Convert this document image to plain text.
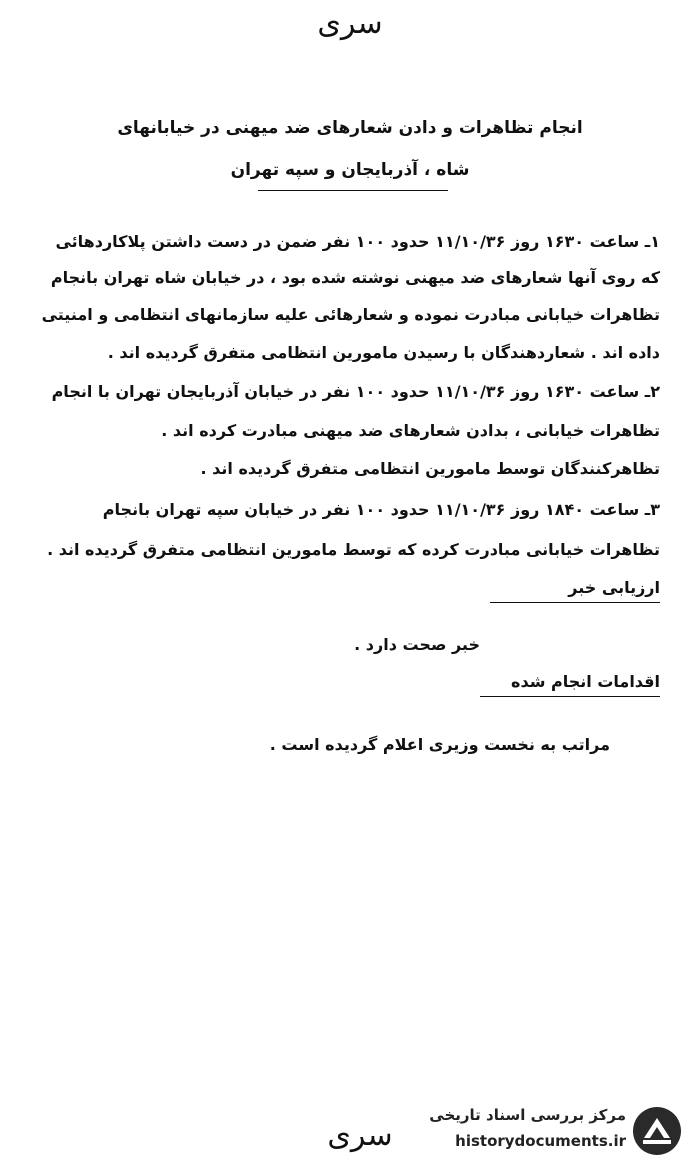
سری
انجام تظاهرات و دادن شعارهای ضد میهنی در خیابانهای
شاه ، آذربایجان و سپه تهران
۱ـ ساعت ۱۶۳۰ روز ۱۱/۱۰/۳۶ حدود ۱۰۰ نفر ضمن در دست داشتن پلاکاردهائی
که روی آنها شعارهای ضد میهنی نوشته شده بود ، در خیابان شاه تهران بانجام
تظاهرات خیابانی مبادرت نموده و شعارهائی علیه سازمانهای انتظامی و امنیتی
داده اند . شعاردهندگان با رسیدن مامورین انتظامی متفرق گردیده اند .
۲ـ ساعت ۱۶۳۰ روز ۱۱/۱۰/۳۶ حدود ۱۰۰ نفر در خیابان آذربایجان تهران با انجام
تظاهرات خیابانی ، بدادن شعارهای ضد میهنی مبادرت کرده اند .
تظاهرکنندگان توسط مامورین انتظامی متفرق گردیده اند .
۳ـ ساعت ۱۸۴۰ روز ۱۱/۱۰/۳۶ حدود ۱۰۰ نفر در خیابان سپه تهران بانجام
تظاهرات خیابانی مبادرت کرده که توسط مامورین انتظامی متفرق گردیده اند .
ارزیابی خبر
خبر صحت دارد .
اقدامات انجام شده
مراتب به نخست وزیری اعلام گردیده است .
سری
مرکز بررسی اسناد تاریخی
historydocuments.ir
